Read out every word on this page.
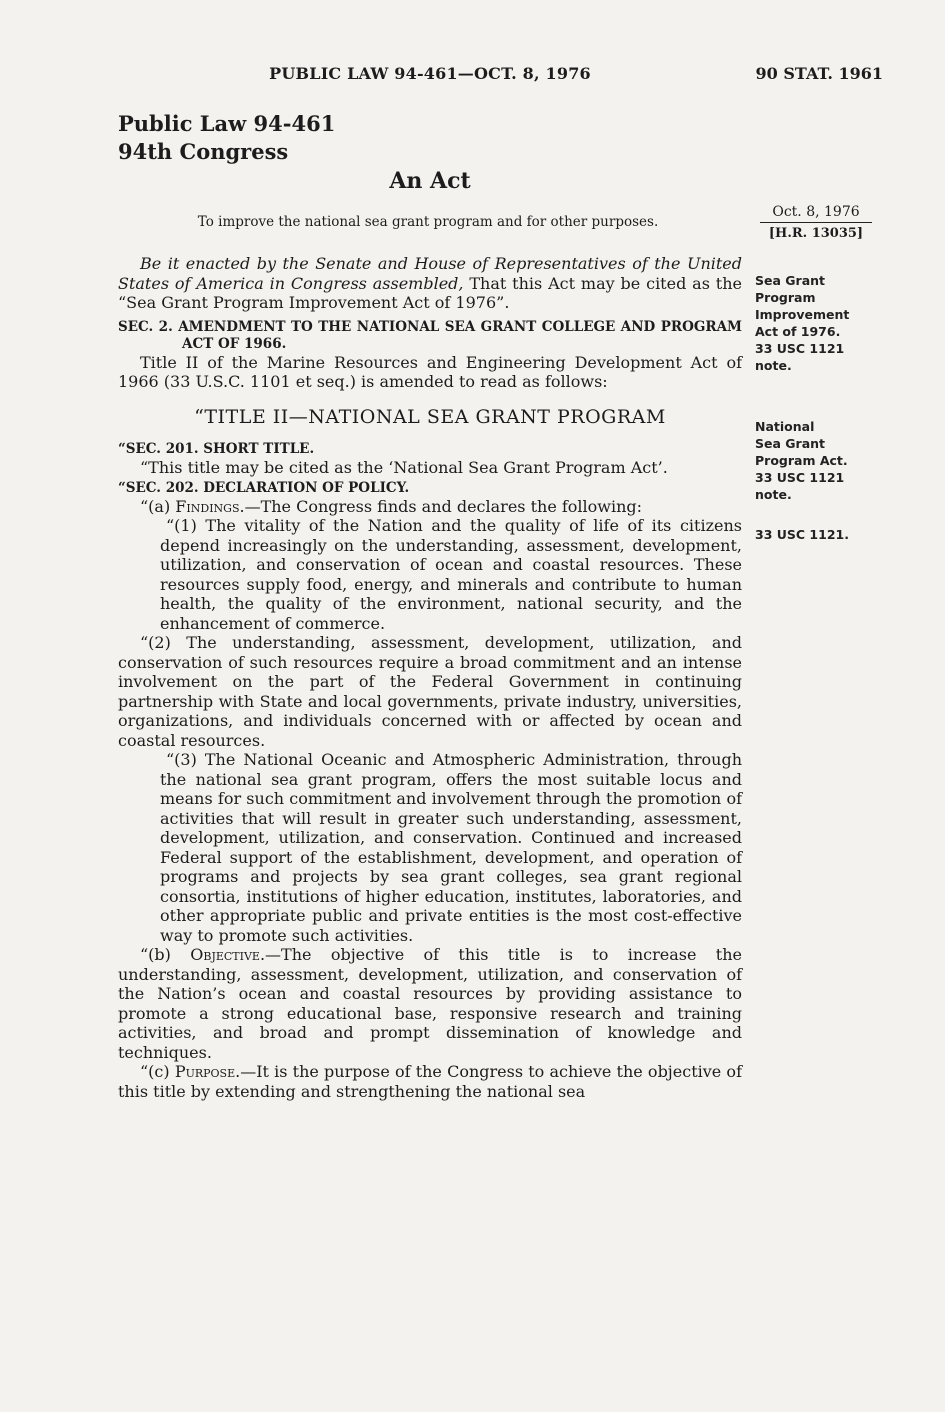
PUBLIC LAW 94-461—OCT. 8, 1976	90 STAT. 1961
Public Law 94-461
94th Congress
An Act
To improve the national sea grant program and for other purposes.
Oct. 8, 1976
[H.R. 13035]
Sea Grant
Program
Improvement
Act of 1976.
33 USC 1121
note.
National
Sea Grant
Program Act.
33 USC 1121
note.
33 USC 1121.

Be it enacted by the Senate and House of Representatives of the United States of America in Congress assembled, That this Act may be cited as the “Sea Grant Program Improvement Act of 1976”.

SEC. 2. AMENDMENT TO THE NATIONAL SEA GRANT COLLEGE AND PROGRAM ACT OF 1966.

Title II of the Marine Resources and Engineering Development Act of 1966 (33 U.S.C. 1101 et seq.) is amended to read as follows:

“TITLE II—NATIONAL SEA GRANT PROGRAM

“SEC. 201. SHORT TITLE.

“This title may be cited as the ‘National Sea Grant Program Act’.

“SEC. 202. DECLARATION OF POLICY.

“(a) Findings.—The Congress finds and declares the following:

“(1) The vitality of the Nation and the quality of life of its citizens depend increasingly on the understanding, assessment, development, utilization, and conservation of ocean and coastal resources. These resources supply food, energy, and minerals and contribute to human health, the quality of the environment, national security, and the enhancement of commerce.

“(2) The understanding, assessment, development, utilization, and conservation of such resources require a broad commitment and an intense involvement on the part of the Federal Government in continuing partnership with State and local governments, private industry, universities, organizations, and individuals concerned with or affected by ocean and coastal resources.

“(3) The National Oceanic and Atmospheric Administration, through the national sea grant program, offers the most suitable locus and means for such commitment and involvement through the promotion of activities that will result in greater such understanding, assessment, development, utilization, and conservation. Continued and increased Federal support of the establishment, development, and operation of programs and projects by sea grant colleges, sea grant regional consortia, institutions of higher education, institutes, laboratories, and other appropriate public and private entities is the most cost-effective way to promote such activities.

“(b) Objective.—The objective of this title is to increase the understanding, assessment, development, utilization, and conservation of the Nation’s ocean and coastal resources by providing assistance to promote a strong educational base, responsive research and training activities, and broad and prompt dissemination of knowledge and techniques.

“(c) Purpose.—It is the purpose of the Congress to achieve the objective of this title by extending and strengthening the national sea
